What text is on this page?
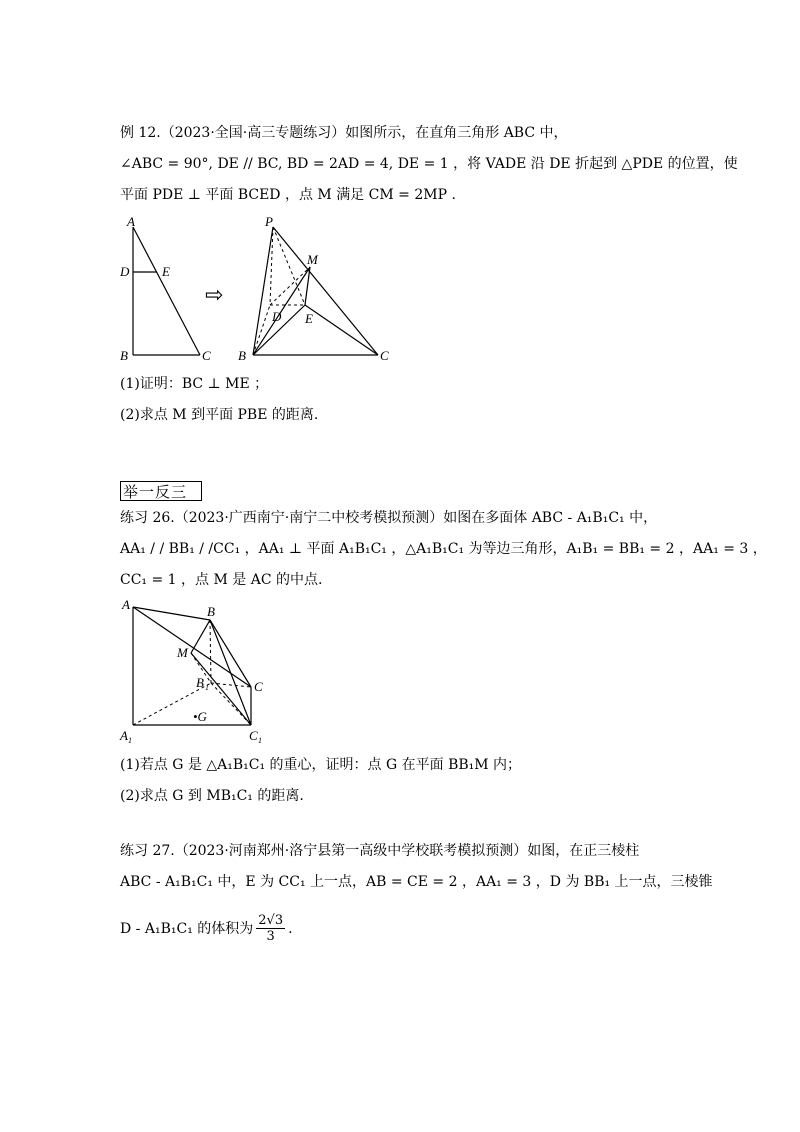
例 12.（2023·全国·高三专题练习）如图所示，在直角三角形 ABC 中，
∠ABC = 90°, DE // BC, BD = 2AD = 4, DE = 1 ，将 VADE 沿 DE 折起到 △PDE 的位置，使
平面 PDE ⊥ 平面 BCED ，点 M 满足 CM = 2MP .
A
D	E
B	C
⇨
P
M
D E
B	C
(1)证明：BC ⊥ ME ；
(2)求点 M 到平面 PBE 的距离.
举一反三
练习 26.（2023·广西南宁·南宁二中校考模拟预测）如图在多面体 ABC - A₁B₁C₁ 中，
AA₁ / / BB₁ / /CC₁ ，AA₁ ⊥ 平面 A₁B₁C₁ ，△A₁B₁C₁ 为等边三角形，A₁B₁ = BB₁ = 2 ，AA₁ = 3 ，
CC₁ = 1 ，点 M 是 AC 的中点.
A	B
M
C
B 1
•G
A 1	C 1
(1)若点 G 是 △A₁B₁C₁ 的重心，证明：点 G 在平面 BB₁M 内；
(2)求点 G 到 MB₁C₁ 的距离.
练习 27.（2023·河南郑州·洛宁县第一高级中学校联考模拟预测）如图，在正三棱柱
ABC - A₁B₁C₁ 中，E 为 CC₁ 上一点，AB = CE = 2 ，AA₁ = 3 ，D 为 BB₁ 上一点，三棱锥
D - A₁B₁C₁ 的体积为 $\frac{2√3}{3}$ .
